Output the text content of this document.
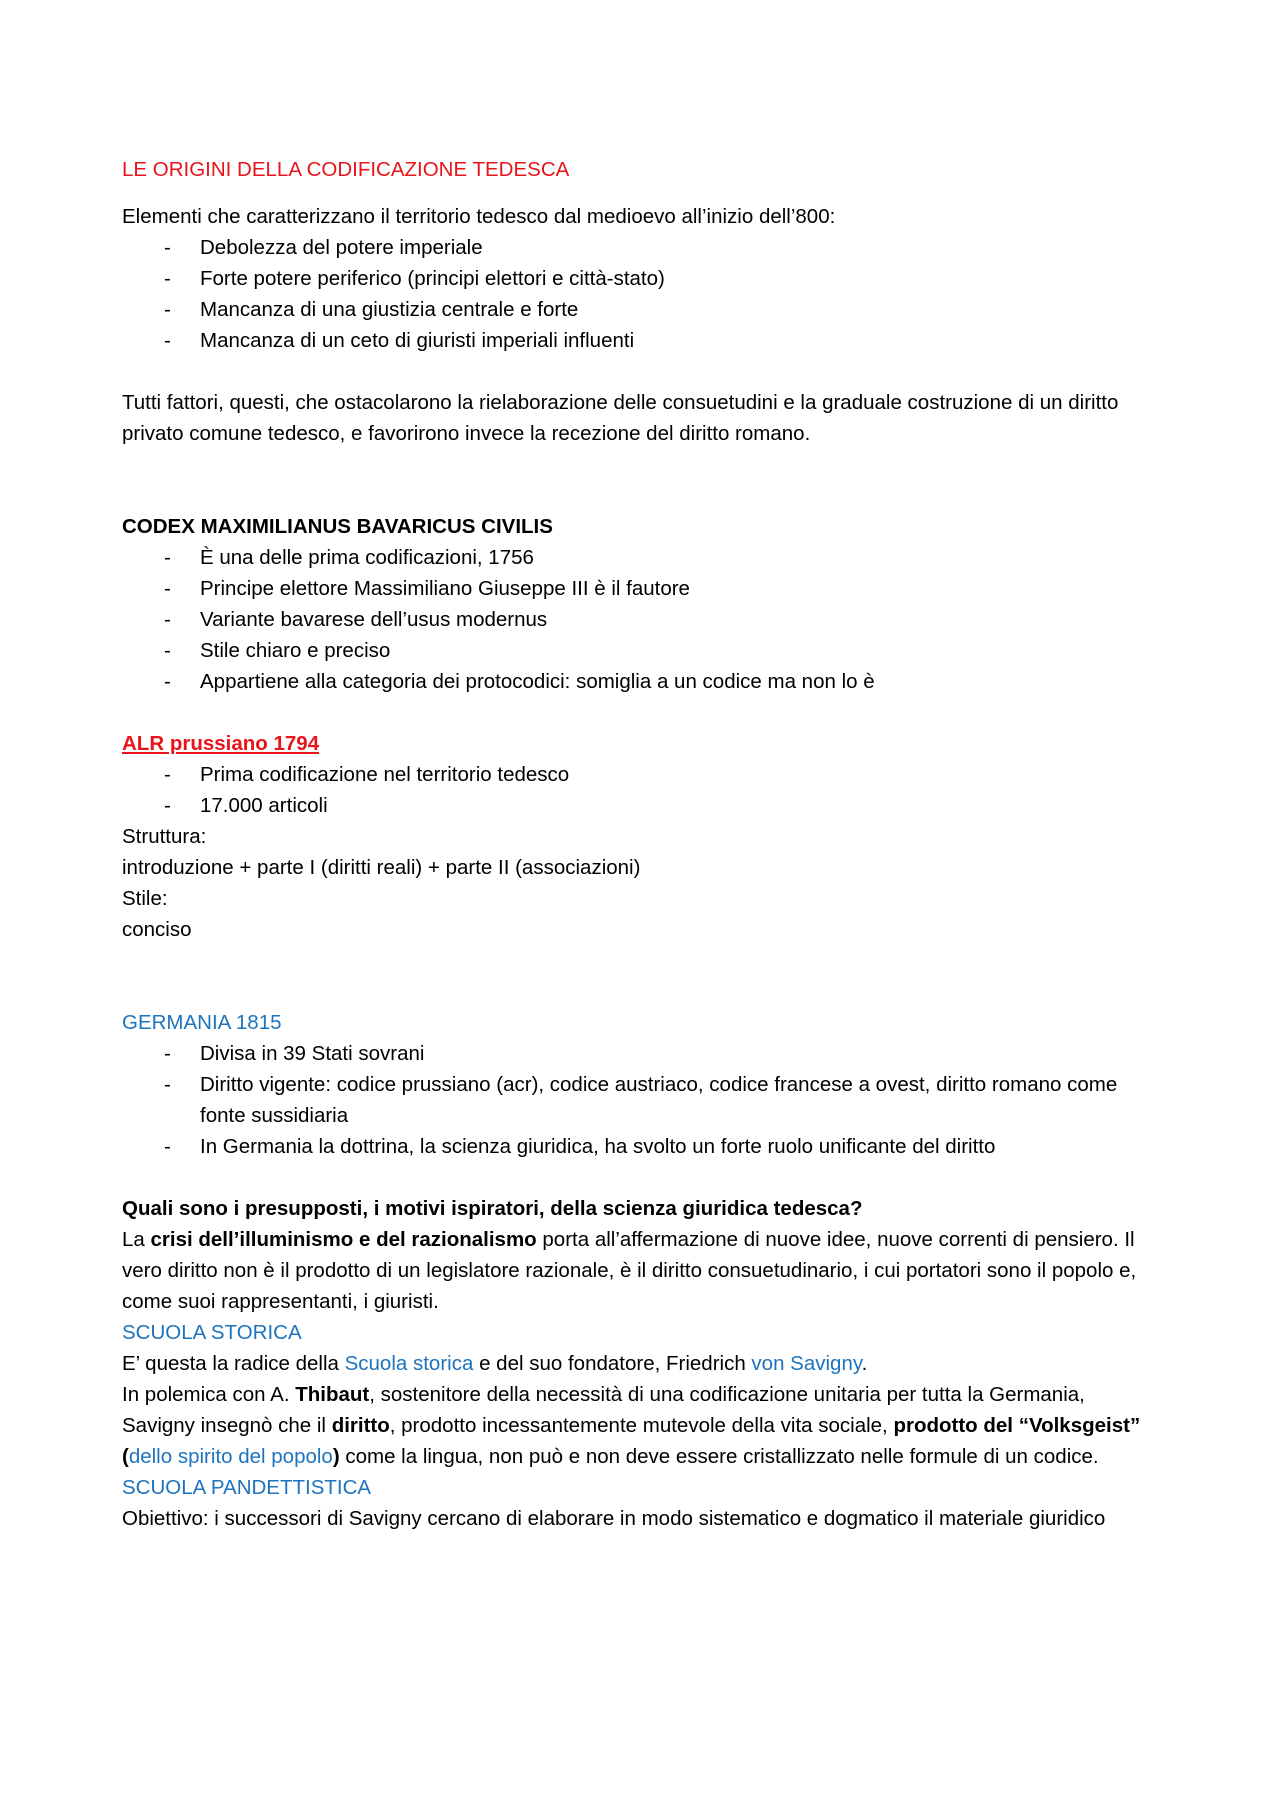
LE ORIGINI DELLA CODIFICAZIONE TEDESCA

Elementi che caratterizzano il territorio tedesco dal medioevo all’inizio dell’800:

- Debolezza del potere imperiale
- Forte potere periferico (principi elettori e città-stato)
- Mancanza di una giustizia centrale e forte
- Mancanza di un ceto di giuristi imperiali influenti

Tutti fattori, questi, che ostacolarono la rielaborazione delle consuetudini e la graduale costruzione di un diritto privato comune tedesco, e favorirono invece la recezione del diritto romano.

CODEX MAXIMILIANUS BAVARICUS CIVILIS

- È una delle prima codificazioni, 1756
- Principe elettore Massimiliano Giuseppe III è il fautore
- Variante bavarese dell’usus modernus
- Stile chiaro e preciso
- Appartiene alla categoria dei protocodici: somiglia a un codice ma non lo è

ALR prussiano 1794

- Prima codificazione nel territorio tedesco
- 17.000 articoli

Struttura:

introduzione + parte I (diritti reali) + parte II (associazioni)

Stile:

conciso

GERMANIA 1815

- Divisa in 39 Stati sovrani
- Diritto vigente: codice prussiano (acr), codice austriaco, codice francese a ovest, diritto romano come fonte sussidiaria
- In Germania la dottrina, la scienza giuridica, ha svolto un forte ruolo unificante del diritto

Quali sono i presupposti, i motivi ispiratori, della scienza giuridica tedesca?

La crisi dell’illuminismo e del razionalismo porta all’affermazione di nuove idee, nuove correnti di pensiero. Il vero diritto non è il prodotto di un legislatore razionale, è il diritto consuetudinario, i cui portatori sono il popolo e, come suoi rappresentanti, i giuristi.

SCUOLA STORICA

E’ questa la radice della Scuola storica e del suo fondatore, Friedrich von Savigny.

In polemica con A. Thibaut, sostenitore della necessità di una codificazione unitaria per tutta la Germania, Savigny insegnò che il diritto, prodotto incessantemente mutevole della vita sociale, prodotto del “Volksgeist” (dello spirito del popolo) come la lingua, non può e non deve essere cristallizzato nelle formule di un codice.

SCUOLA PANDETTISTICA

Obiettivo: i successori di Savigny cercano di elaborare in modo sistematico e dogmatico il materiale giuridico
